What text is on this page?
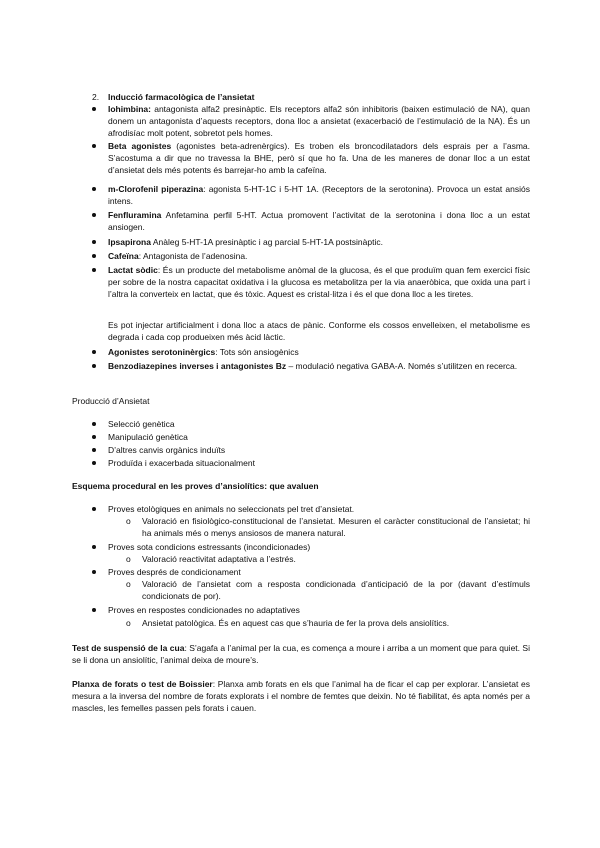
2. Inducció farmacològica de l’ansietat

Iohimbina: antagonista alfa2 presinàptic. Els receptors alfa2 són inhibitoris (baixen estimulació de NA), quan donem un antagonista d’aquests receptors, dona lloc a ansietat (exacerbació de l’estimulació de la NA). És un afrodisíac molt potent, sobretot pels homes.

Beta agonistes (agonistes beta-adrenèrgics). Es troben els broncodilatadors dels esprais per a l’asma. S’acostuma a dir que no travessa la BHE, però sí que ho fa. Una de les maneres de donar lloc a un estat d’ansietat dels més potents és barrejar-ho amb la cafeïna.

m-Clorofenil piperazina: agonista 5-HT-1C i 5-HT 1A. (Receptors de la serotonina). Provoca un estat ansiós intens.

Fenfluramina Anfetamina perfil 5-HT. Actua promovent l’activitat de la serotonina i dona lloc a un estat ansiogen.

Ipsapirona Anàleg 5-HT-1A presinàptic i ag parcial 5-HT-1A postsinàptic.

Cafeïna: Antagonista de l’adenosina.

Lactat sòdic: És un producte del metabolisme anòmal de la glucosa, és el que produïm quan fem exercici físic per sobre de la nostra capacitat oxidativa i la glucosa es metabolitza per la via anaeròbica, que oxida una part i l’altra la converteix en lactat, que és tòxic. Aquest es cristal·litza i és el que dona lloc a les tiretes.

Es pot injectar artificialment i dona lloc a atacs de pànic. Conforme els cossos envelleixen, el metabolisme es degrada i cada cop produeixen més àcid làctic.

Agonistes serotoninèrgics: Tots són ansiogènics

Benzodiazepines inverses i antagonistes Bz – modulació negativa GABA-A. Només s’utilitzen en recerca.

Producció d’Ansietat
Selecció genètica
Manipulació genètica
D’altres canvis orgànics induïts
Produïda i exacerbada situacionalment
Esquema procedural en les proves d’ansiolítics: que avaluen
Proves etològiques en animals no seleccionats pel tret d’ansietat.
o Valoració en fisiològico-constitucional de l’ansietat. Mesuren el caràcter constitucional de l’ansietat; hi ha animals més o menys ansiosos de manera natural.

Proves sota condicions estressants (incondicionades)
o Valoració reactivitat adaptativa a l’estrés.

Proves després de condicionament
o Valoració de l’ansietat com a resposta condicionada d’anticipació de la por (davant d’estímuls condicionats de por).

Proves en respostes condicionades no adaptatives
o Ansietat patològica. És en aquest cas que s’hauria de fer la prova dels ansiolítics.

Test de suspensió de la cua: S’agafa a l’animal per la cua, es comença a moure i arriba a un moment que para quiet. Si se li dona un ansiolític, l’animal deixa de moure’s.

Planxa de forats o test de Boissier: Planxa amb forats en els que l’animal ha de ficar el cap per explorar. L’ansietat es mesura a la inversa del nombre de forats explorats i el nombre de femtes que deixin. No té fiabilitat, és apta només per a mascles, les femelles passen pels forats i cauen.
